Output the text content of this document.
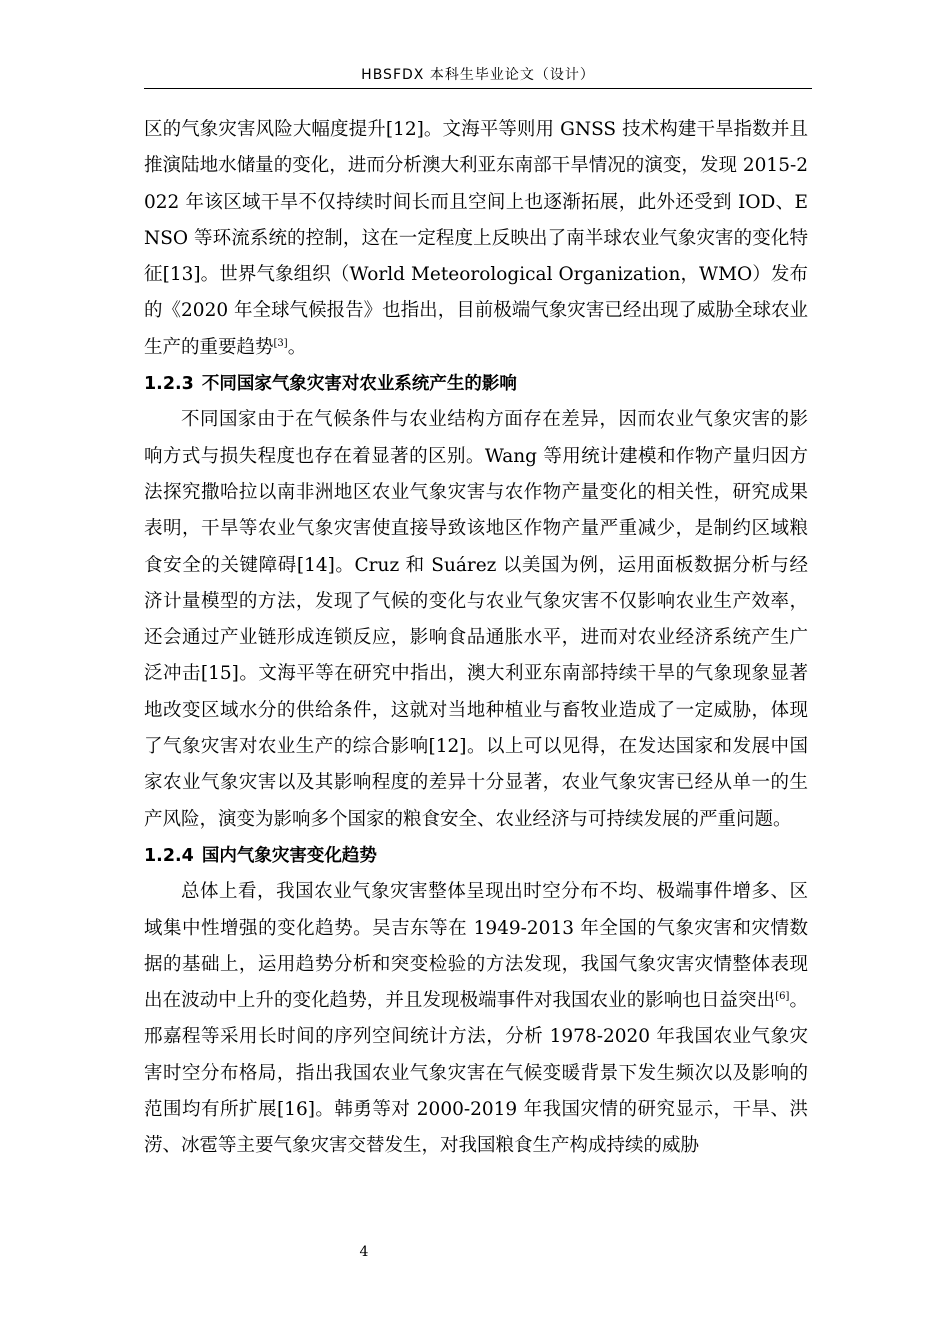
HBSFDX 本科生毕业论文（设计）

区的气象灾害风险大幅度提升[12]。文海平等则用 GNSS 技术构建干旱指数并且推演陆地水储量的变化，进而分析澳大利亚东南部干旱情况的演变，发现 2015-2022 年该区域干旱不仅持续时间长而且空间上也逐渐拓展，此外还受到 IOD、ENSO 等环流系统的控制，这在一定程度上反映出了南半球农业气象灾害的变化特征[13]。世界气象组织（World Meteorological Organization，WMO）发布的《2020 年全球气候报告》也指出，目前极端气象灾害已经出现了威胁全球农业生产的重要趋势[3]。

1.2.3 不同国家气象灾害对农业系统产生的影响

不同国家由于在气候条件与农业结构方面存在差异，因而农业气象灾害的影响方式与损失程度也存在着显著的区别。Wang 等用统计建模和作物产量归因方法探究撒哈拉以南非洲地区农业气象灾害与农作物产量变化的相关性，研究成果表明，干旱等农业气象灾害使直接导致该地区作物产量严重减少，是制约区域粮食安全的关键障碍[14]。Cruz 和 Suárez 以美国为例，运用面板数据分析与经济计量模型的方法，发现了气候的变化与农业气象灾害不仅影响农业生产效率，还会通过产业链形成连锁反应，影响食品通胀水平，进而对农业经济系统产生广泛冲击[15]。文海平等在研究中指出，澳大利亚东南部持续干旱的气象现象显著地改变区域水分的供给条件，这就对当地种植业与畜牧业造成了一定威胁，体现了气象灾害对农业生产的综合影响[12]。以上可以见得，在发达国家和发展中国家农业气象灾害以及其影响程度的差异十分显著，农业气象灾害已经从单一的生产风险，演变为影响多个国家的粮食安全、农业经济与可持续发展的严重问题。

1.2.4 国内气象灾害变化趋势

总体上看，我国农业气象灾害整体呈现出时空分布不均、极端事件增多、区域集中性增强的变化趋势。吴吉东等在 1949-2013 年全国的气象灾害和灾情数据的基础上，运用趋势分析和突变检验的方法发现，我国气象灾害灾情整体表现出在波动中上升的变化趋势，并且发现极端事件对我国农业的影响也日益突出[6]。邢嘉程等采用长时间的序列空间统计方法，分析 1978-2020 年我国农业气象灾害时空分布格局，指出我国农业气象灾害在气候变暖背景下发生频次以及影响的范围均有所扩展[16]。韩勇等对 2000-2019 年我国灾情的研究显示，干旱、洪涝、冰雹等主要气象灾害交替发生，对我国粮食生产构成持续的威胁

4
